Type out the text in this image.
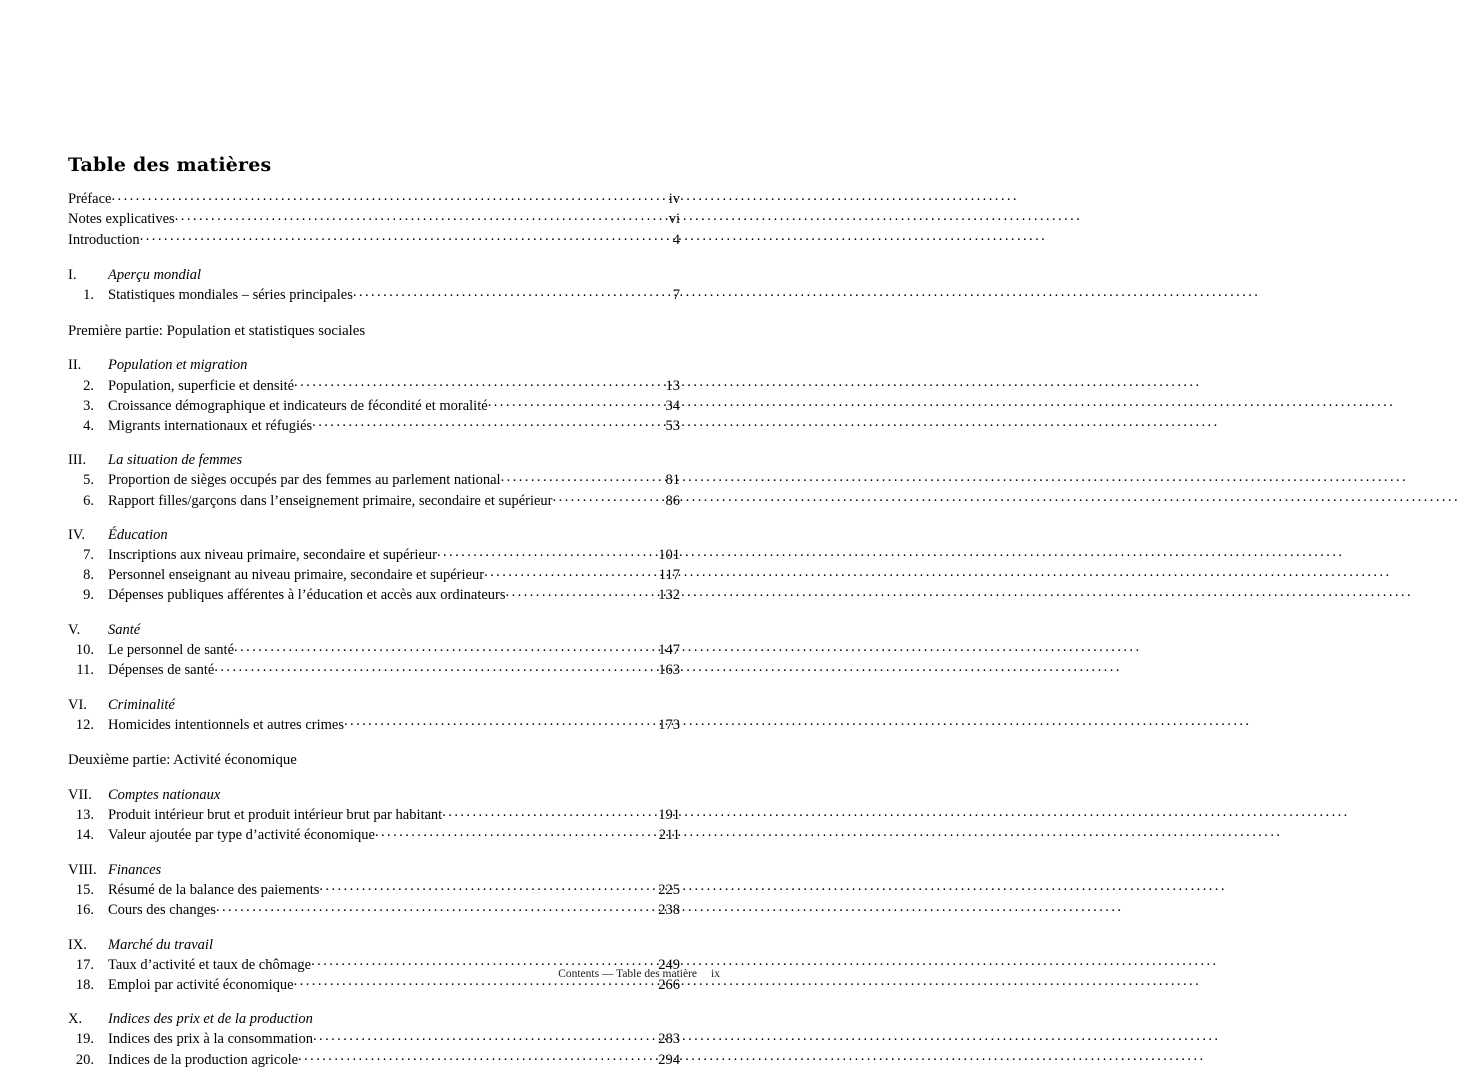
Table des matières
Préface . . .	iv
Notes explicatives . . .	vi
Introduction . . .	4
I.	Aperçu mondial
1. Statistiques mondiales – séries principales . . .	7
Première partie: Population et statistiques sociales
II.	Population et migration
2. Population, superficie et densité . . .	13
3. Croissance démographique et indicateurs de fécondité et moralité . . .	34
4. Migrants internationaux et réfugiés . . .	53
III.	La situation de femmes
5. Proportion de sièges occupés par des femmes au parlement national . . .	81
6. Rapport filles/garçons dans l’enseignement primaire, secondaire et supérieur . . .	86
IV.	Éducation
7. Inscriptions aux niveau primaire, secondaire et supérieur . . .	101
8. Personnel enseignant au niveau primaire, secondaire et supérieur . . .	117
9. Dépenses publiques afférentes à l’éducation et accès aux ordinateurs . . .	132
V.	Santé
10. Le personnel de santé . . .	147
11. Dépenses de santé . . .	163
VI.	Criminalité
12. Homicides intentionnels et autres crimes . . .	173
Deuxième partie: Activité économique
VII.	Comptes nationaux
13. Produit intérieur brut et produit intérieur brut par habitant . . .	191
14. Valeur ajoutée par type d’activité économique . . .	211
VIII. Finances
15. Résumé de la balance des paiements . . .	225
16. Cours des changes . . .	238
IX.	Marché du travail
17. Taux d’activité et taux de chômage . . .	249
18. Emploi par activité économique . . .	266
X.	Indices des prix et de la production
19. Indices des prix à la consommation . . .	283
20. Indices de la production agricole . . .	294
Contents — Table des matière ix
